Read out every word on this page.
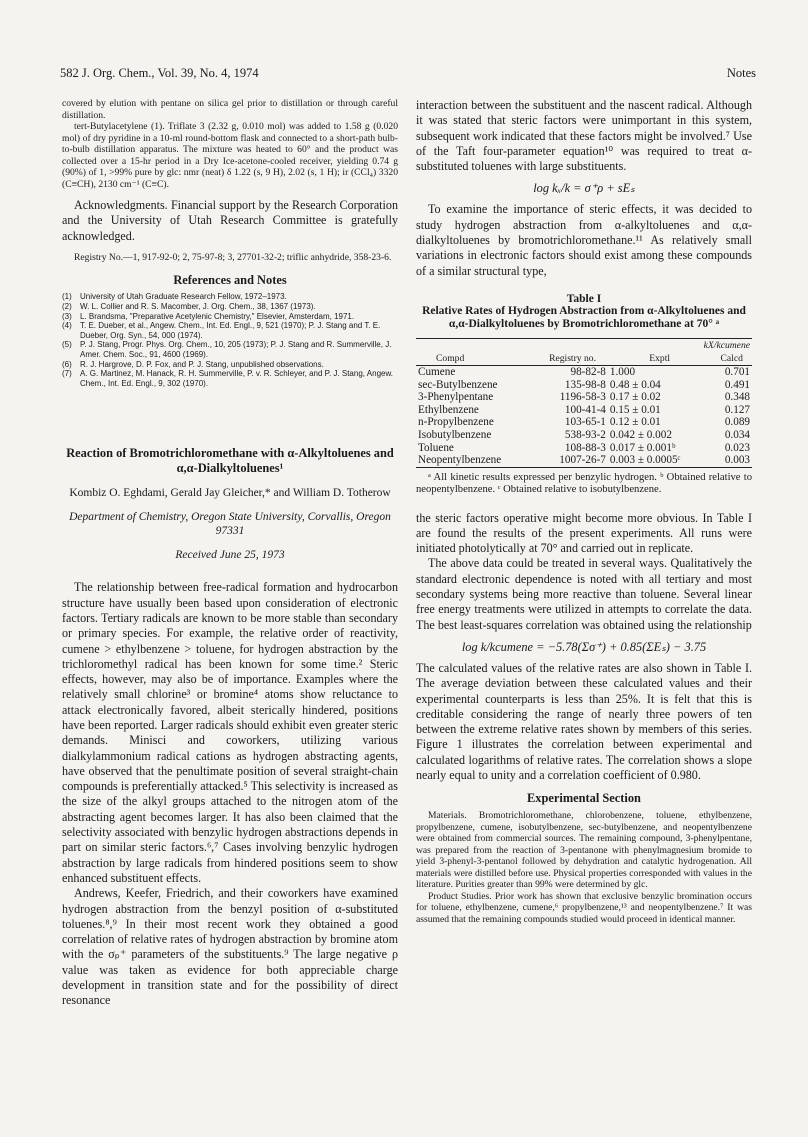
582 J. Org. Chem., Vol. 39, No. 4, 1974	Notes

covered by elution with pentane on silica gel prior to distillation or through careful distillation.

tert-Butylacetylene (1). Triflate 3 (2.32 g, 0.010 mol) was added to 1.58 g (0.020 mol) of dry pyridine in a 10-ml round-bottom flask and connected to a short-path bulb-to-bulb distillation apparatus. The mixture was heated to 60° and the product was collected over a 15-hr period in a Dry Ice-acetone-cooled receiver, yielding 0.74 g (90%) of 1, >99% pure by glc: nmr (neat) δ 1.22 (s, 9 H), 2.02 (s, 1 H); ir (CCl₄) 3320 (C≡CH), 2130 cm⁻¹ (C≡C).

Acknowledgments. Financial support by the Research Corporation and the University of Utah Research Committee is gratefully acknowledged.

Registry No.—1, 917-92-0; 2, 75-97-8; 3, 27701-32-2; triflic anhydride, 358-23-6.

References and Notes

(1)	University of Utah Graduate Research Fellow, 1972–1973.
(2)	W. L. Collier and R. S. Macomber, J. Org. Chem., 38, 1367 (1973).
(3)	L. Brandsma, "Preparative Acetylenic Chemistry," Elsevier, Amsterdam, 1971.
(4)	T. E. Dueber, et al., Angew. Chem., Int. Ed. Engl., 9, 521 (1970); P. J. Stang and T. E. Dueber, Org. Syn., 54, 000 (1974).
(5)	P. J. Stang, Progr. Phys. Org. Chem., 10, 205 (1973); P. J. Stang and R. Summerville, J. Amer. Chem. Soc., 91, 4600 (1969).
(6)	R. J. Hargrove, D. P. Fox, and P. J. Stang, unpublished observations.
(7)	A. G. Martinez, M. Hanack, R. H. Summerville, P. v. R. Schleyer, and P. J. Stang, Angew. Chem., Int. Ed. Engl., 9, 302 (1970).

Reaction of Bromotrichloromethane with α-Alkyltoluenes and α,α-Dialkyltoluenes¹

Kombiz O. Eghdami, Gerald Jay Gleicher,* and William D. Totherow

Department of Chemistry, Oregon State University, Corvallis, Oregon 97331

Received June 25, 1973

The relationship between free-radical formation and hydrocarbon structure have usually been based upon consideration of electronic factors. Tertiary radicals are known to be more stable than secondary or primary species. For example, the relative order of reactivity, cumene > ethylbenzene > toluene, for hydrogen abstraction by the trichloromethyl radical has been known for some time.² Steric effects, however, may also be of importance. Examples where the relatively small chlorine³ or bromine⁴ atoms show reluctance to attack electronically favored, albeit sterically hindered, positions have been reported. Larger radicals should exhibit even greater steric demands. Minisci and coworkers, utilizing various dialkylammonium radical cations as hydrogen abstracting agents, have observed that the penultimate position of several straight-chain compounds is preferentially attacked.⁵ This selectivity is increased as the size of the alkyl groups attached to the nitrogen atom of the abstracting agent becomes larger. It has also been claimed that the selectivity associated with benzylic hydrogen abstractions depends in part on similar steric factors.⁶,⁷ Cases involving benzylic hydrogen abstraction by large radicals from hindered positions seem to show enhanced substituent effects.

Andrews, Keefer, Friedrich, and their coworkers have examined hydrogen abstraction from the benzyl position of α-substituted toluenes.⁸,⁹ In their most recent work they obtained a good correlation of relative rates of hydrogen abstraction by bromine atom with the σₚ⁺ parameters of the substituents.⁹ The large negative ρ value was taken as evidence for both appreciable charge development in transition state and for the possibility of direct resonance

interaction between the substituent and the nascent radical. Although it was stated that steric factors were unimportant in this system, subsequent work indicated that these factors might be involved.⁷ Use of the Taft four-parameter equation¹⁰ was required to treat α-substituted toluenes with large substituents.

log kₓ/k = σ⁺ρ + sEₛ

To examine the importance of steric effects, it was decided to study hydrogen abstraction from α-alkyltoluenes and α,α-dialkyltoluenes by bromotrichloromethane.¹¹ As relatively small variations in electronic factors should exist among these compounds of a similar structural type,

Table I

Relative Rates of Hydrogen Abstraction from α-Alkyltoluenes and α,α-Dialkyltoluenes by Bromotrichloromethane at 70° ᵃ

		kX/kcumene	
Compd	Registry no.	Exptl	Calcd
Cumene	98-82-8	1.000	0.701
sec-Butylbenzene	135-98-8	0.48 ± 0.04	0.491
3-Phenylpentane	1196-58-3	0.17 ± 0.02	0.348
Ethylbenzene	100-41-4	0.15 ± 0.01	0.127
n-Propylbenzene	103-65-1	0.12 ± 0.01	0.089
Isobutylbenzene	538-93-2	0.042 ± 0.002	0.034
Toluene	108-88-3	0.017 ± 0.001ᵇ	0.023
Neopentylbenzene	1007-26-7	0.003 ± 0.0005ᶜ	0.003

ᵃ All kinetic results expressed per benzylic hydrogen. ᵇ Obtained relative to neopentylbenzene. ᶜ Obtained relative to isobutylbenzene.

the steric factors operative might become more obvious. In Table I are found the results of the present experiments. All runs were initiated photolytically at 70° and carried out in replicate.

The above data could be treated in several ways. Qualitatively the standard electronic dependence is noted with all tertiary and most secondary systems being more reactive than toluene. Several linear free energy treatments were utilized in attempts to correlate the data. The best least-squares correlation was obtained using the relationship

log k/kcumene = −5.78(Σσ⁺) + 0.85(ΣEₛ) − 3.75

The calculated values of the relative rates are also shown in Table I. The average deviation between these calculated values and their experimental counterparts is less than 25%. It is felt that this is creditable considering the range of nearly three powers of ten between the extreme relative rates shown by members of this series. Figure 1 illustrates the correlation between experimental and calculated logarithms of relative rates. The correlation shows a slope nearly equal to unity and a correlation coefficient of 0.980.

Experimental Section

Materials. Bromotrichloromethane, chlorobenzene, toluene, ethylbenzene, propylbenzene, cumene, isobutylbenzene, sec-butylbenzene, and neopentylbenzene were obtained from commercial sources. The remaining compound, 3-phenylpentane, was prepared from the reaction of 3-pentanone with phenylmagnesium bromide to yield 3-phenyl-3-pentanol followed by dehydration and catalytic hydrogenation. All materials were distilled before use. Physical properties corresponded with values in the literature. Purities greater than 99% were determined by glc.

Product Studies. Prior work has shown that exclusive benzylic bromination occurs for toluene, ethylbenzene, cumene,⁶ propylbenzene,¹³ and neopentylbenzene.⁷ It was assumed that the remaining compounds studied would proceed in identical manner.
